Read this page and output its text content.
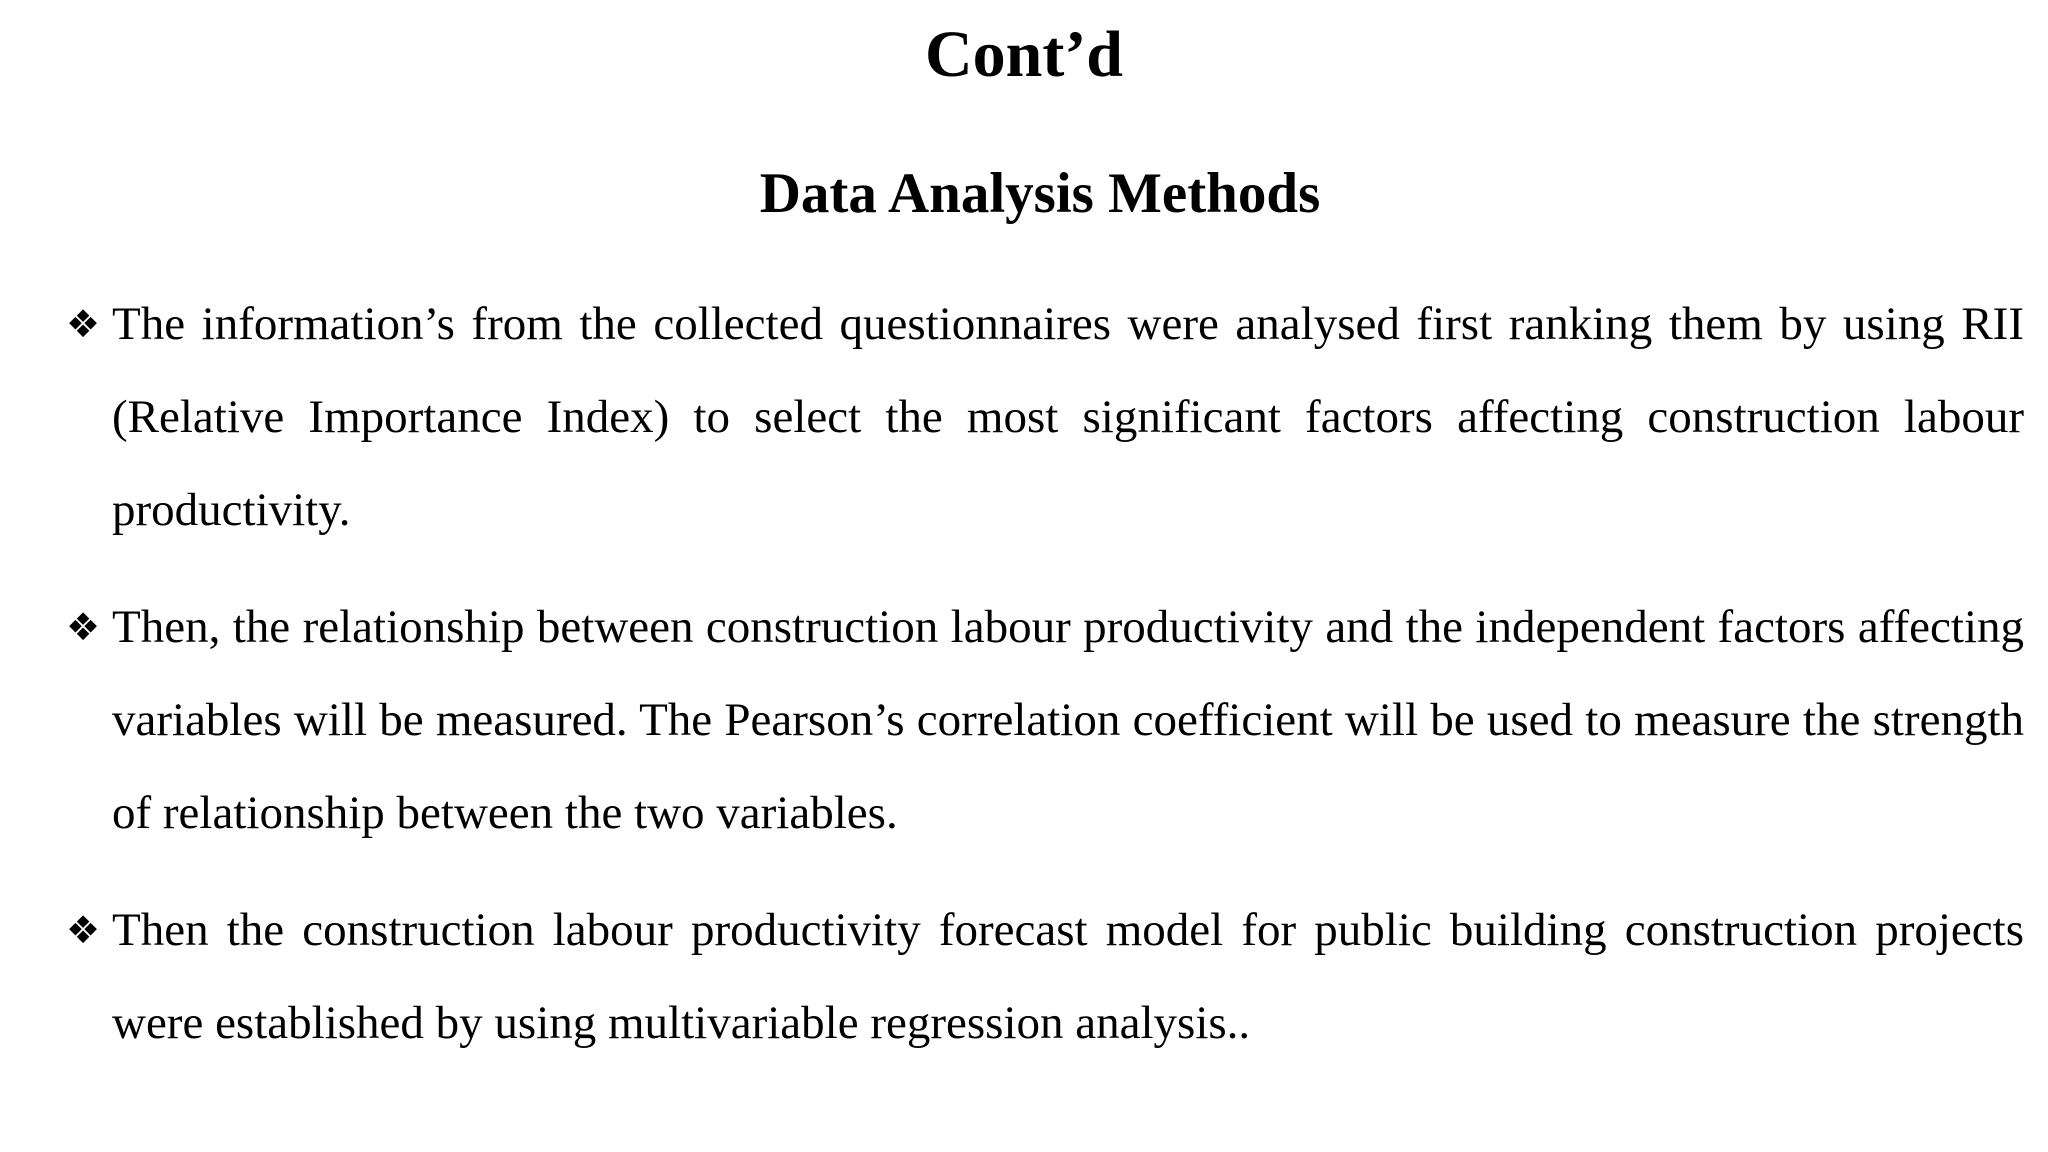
Cont’d
Data Analysis Methods
❖ The information’s from the collected questionnaires were analysed first ranking them by using RII (Relative Importance Index) to select the most significant factors affecting construction labour productivity.
❖ Then, the relationship between construction labour productivity and the independent factors affecting variables will be measured. The Pearson’s correlation coefficient will be used to measure the strength of relationship between the two variables.
❖ Then the construction labour productivity forecast model for public building construction projects were established by using multivariable regression analysis..
